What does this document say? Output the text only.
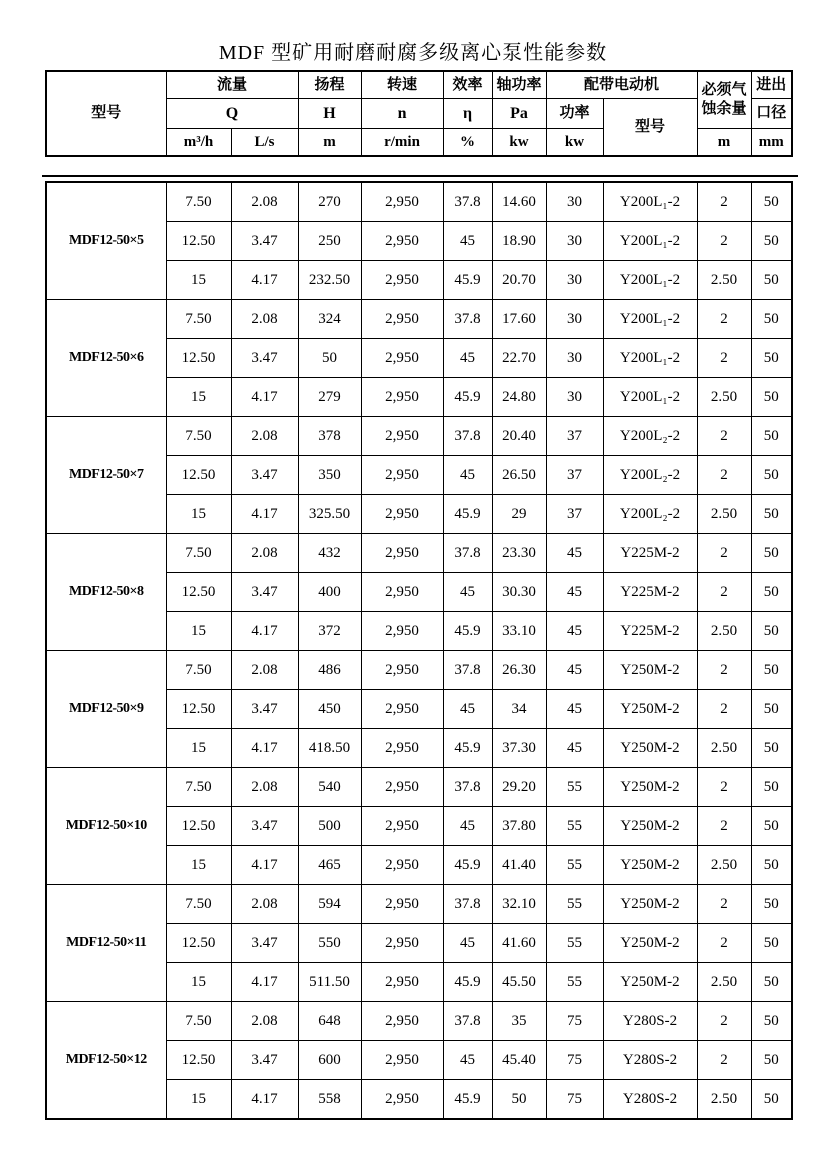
MDF 型矿用耐磨耐腐多级离心泵性能参数
型号	流量		扬程	转速	效率	轴功率	配带电动机		必须气蚀余量	进出
	Q		H	n	η	Pa	功率	型号		口径
	m³/h	L/s	m	r/min	%	kw	kw		m	mm
MDF12-50×5	7.50	2.08	270	2,950	37.8	14.60	30	Y200L₁-2	2	50
	12.50	3.47	250	2,950	45	18.90	30	Y200L₁-2	2	50
	15	4.17	232.50	2,950	45.9	20.70	30	Y200L₁-2	2.50	50
MDF12-50×6	7.50	2.08	324	2,950	37.8	17.60	30	Y200L₁-2	2	50
	12.50	3.47	50	2,950	45	22.70	30	Y200L₁-2	2	50
	15	4.17	279	2,950	45.9	24.80	30	Y200L₁-2	2.50	50
MDF12-50×7	7.50	2.08	378	2,950	37.8	20.40	37	Y200L₂-2	2	50
	12.50	3.47	350	2,950	45	26.50	37	Y200L₂-2	2	50
	15	4.17	325.50	2,950	45.9	29	37	Y200L₂-2	2.50	50
MDF12-50×8	7.50	2.08	432	2,950	37.8	23.30	45	Y225M-2	2	50
	12.50	3.47	400	2,950	45	30.30	45	Y225M-2	2	50
	15	4.17	372	2,950	45.9	33.10	45	Y225M-2	2.50	50
MDF12-50×9	7.50	2.08	486	2,950	37.8	26.30	45	Y250M-2	2	50
	12.50	3.47	450	2,950	45	34	45	Y250M-2	2	50
	15	4.17	418.50	2,950	45.9	37.30	45	Y250M-2	2.50	50
MDF12-50×10	7.50	2.08	540	2,950	37.8	29.20	55	Y250M-2	2	50
	12.50	3.47	500	2,950	45	37.80	55	Y250M-2	2	50
	15	4.17	465	2,950	45.9	41.40	55	Y250M-2	2.50	50
MDF12-50×11	7.50	2.08	594	2,950	37.8	32.10	55	Y250M-2	2	50
	12.50	3.47	550	2,950	45	41.60	55	Y250M-2	2	50
	15	4.17	511.50	2,950	45.9	45.50	55	Y250M-2	2.50	50
MDF12-50×12	7.50	2.08	648	2,950	37.8	35	75	Y280S-2	2	50
	12.50	3.47	600	2,950	45	45.40	75	Y280S-2	2	50
	15	4.17	558	2,950	45.9	50	75	Y280S-2	2.50	50
